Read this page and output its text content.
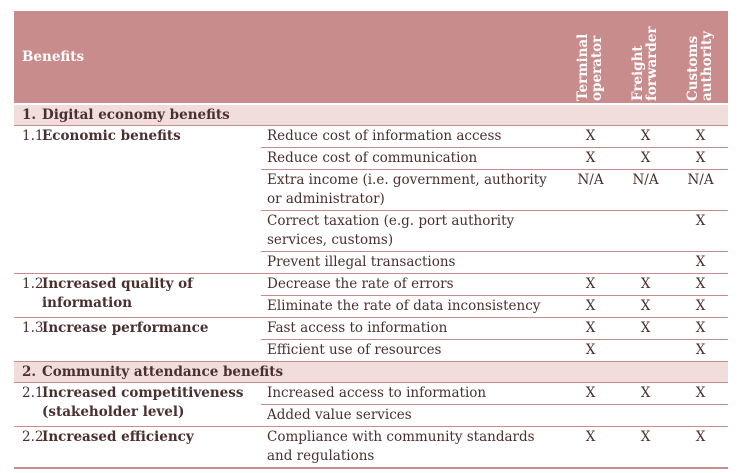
Benefits			Terminal operator	Freight forwarder	Customs authority
1.	Digital economy benefits				
1.1.	Economic benefits	Reduce cost of information access	X	X	X
		Reduce cost of communication	X	X	X
		Extra income (i.e. government, authority or administrator)	N/A	N/A	N/A
		Correct taxation (e.g. port authority services, customs)			X
		Prevent illegal transactions			X
1.2.	Increased quality of information	Decrease the rate of errors	X	X	X
		Eliminate the rate of data inconsistency	X	X	X
1.3.	Increase performance	Fast access to information	X	X	X
		Efficient use of resources	X		X
2.	Community attendance benefits				
2.1.	Increased competitiveness (stakeholder level)	Increased access to information	X	X	X
		Added value services			
2.2.	Increased efficiency	Compliance with community standards and regulations	X	X	X
